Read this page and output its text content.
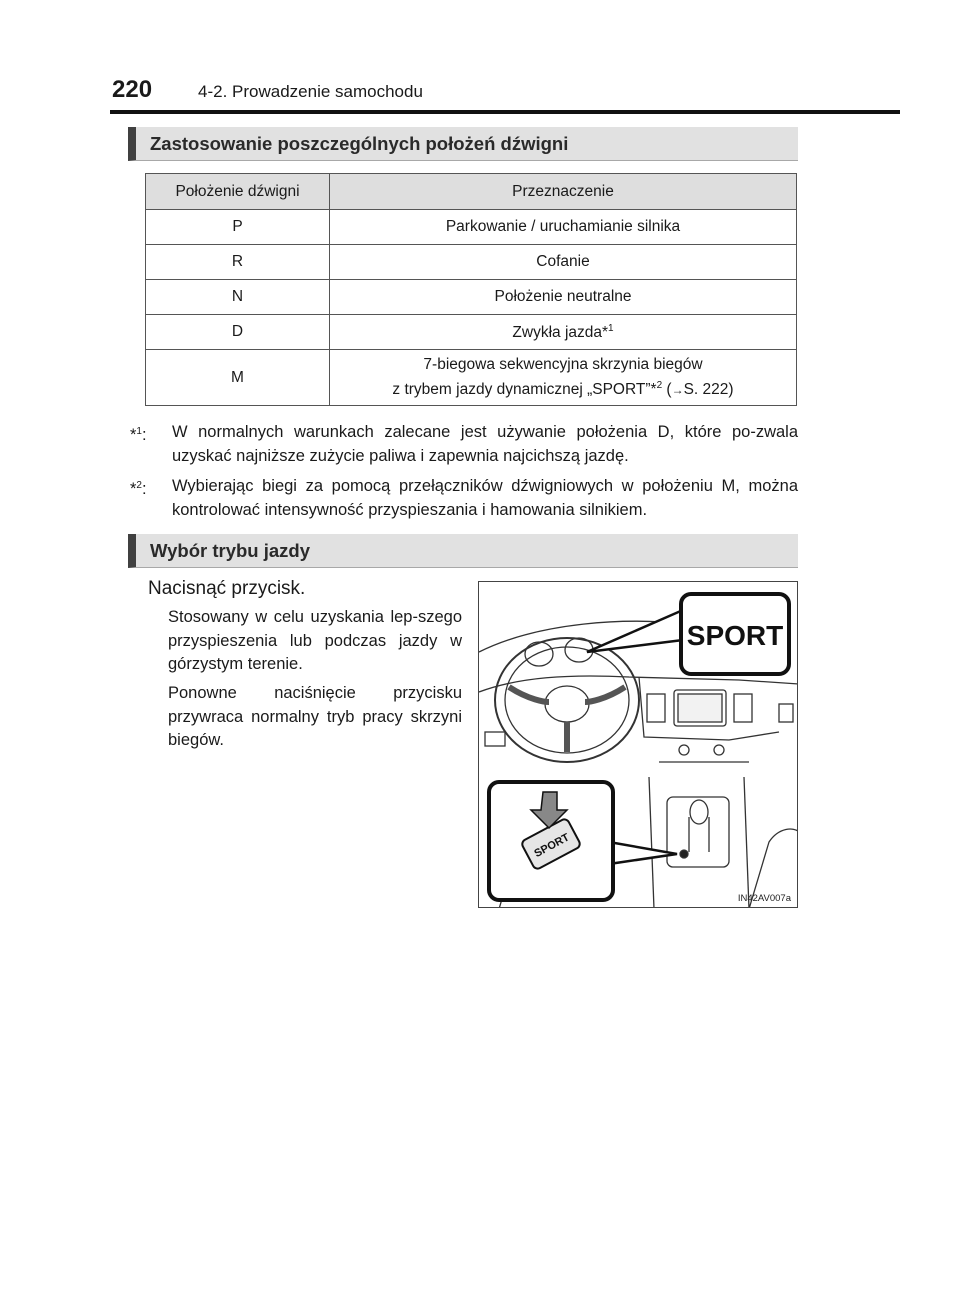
220	4-2. Prowadzenie samochodu
Zastosowanie poszczególnych położeń dźwigni
Położenie dźwigni	Przeznaczenie
P	Parkowanie / uruchamianie silnika
R	Cofanie
N	Położenie neutralne
D	Zwykła jazda*$^1$
M	7-biegowa sekwencyjna skrzynia biegów
z trybem jazdy dynamicznej „SPORT”*$^2$ (→S. 222)
*$^1$: W normalnych warunkach zalecane jest używanie położenia D, które po-zwala uzyskać najniższe zużycie paliwa i zapewnia najcichszą jazdę.
*$^2$: Wybierając biegi za pomocą przełączników dźwigniowych w położeniu M, można kontrolować intensywność przyspieszania i hamowania silnikiem.
Wybór trybu jazdy
Nacisnąć przycisk.
Stosowany w celu uzyskania lep-szego przyspieszenia lub podczas jazdy w górzystym terenie.
Ponowne naciśnięcie przycisku przywraca normalny tryb pracy skrzyni biegów.
SPORT
SPORT
IN42AV007a
